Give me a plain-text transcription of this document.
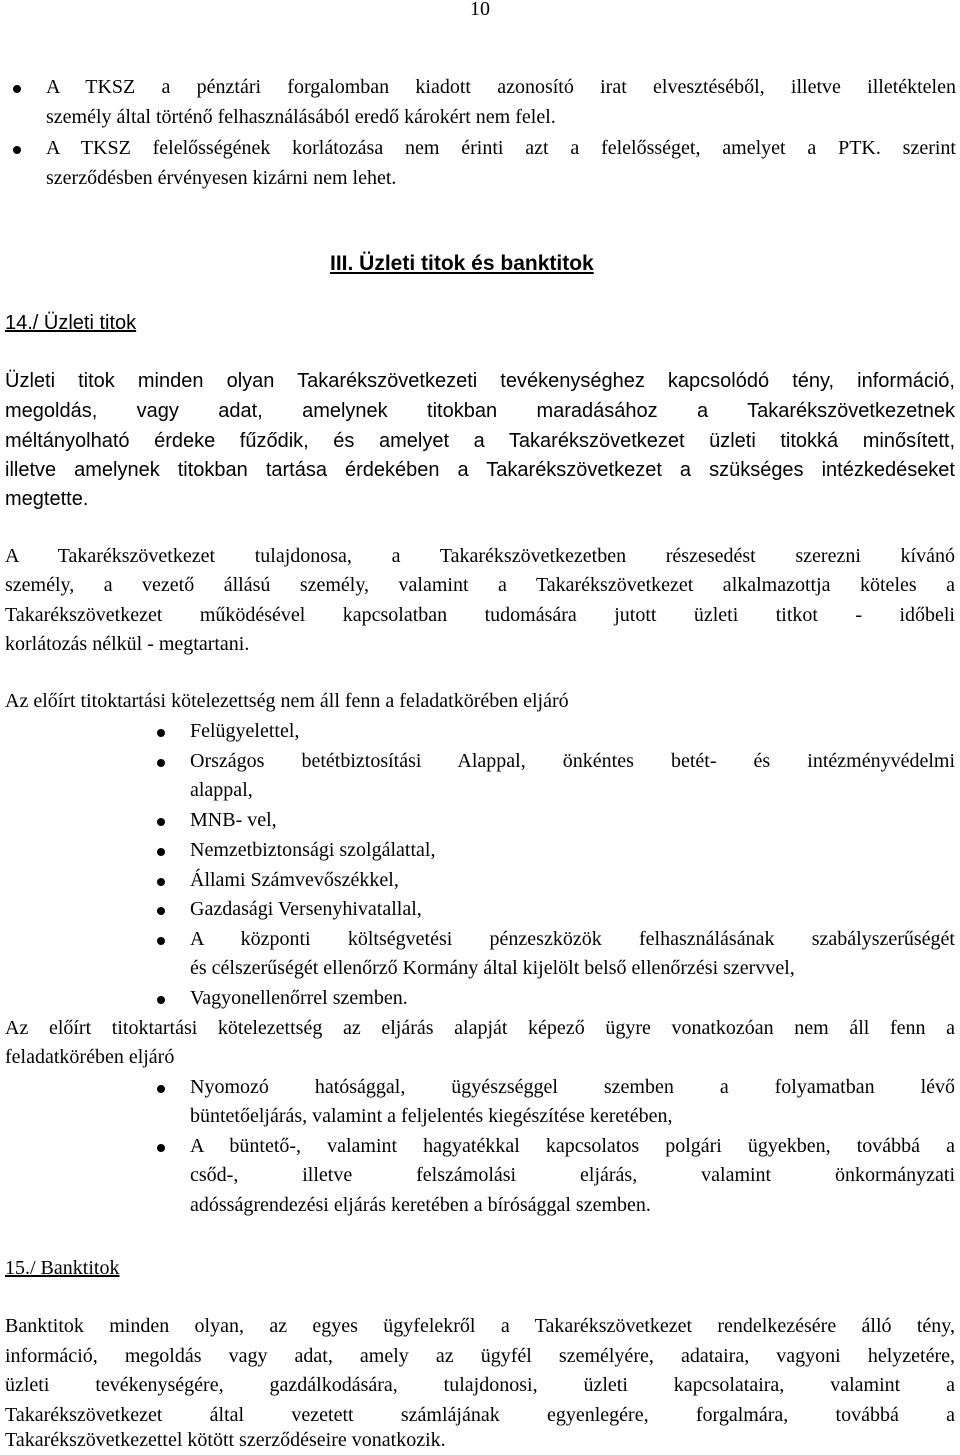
10
A TKSZ a pénztári forgalomban kiadott azonosító irat elvesztéséből, illetve illetéktelen
személy által történő felhasználásából eredő károkért nem felel.
A TKSZ felelősségének korlátozása nem érinti azt a felelősséget, amelyet a PTK. szerint
szerződésben érvényesen kizárni nem lehet.
III. Üzleti titok és banktitok
14./ Üzleti titok
Üzleti titok minden olyan Takarékszövetkezeti tevékenységhez kapcsolódó tény, információ,
megoldás, vagy adat, amelynek titokban maradásához a Takarékszövetkezetnek
méltányolható érdeke fűződik, és amelyet a Takarékszövetkezet üzleti titokká minősített,
illetve amelynek titokban tartása érdekében a Takarékszövetkezet a szükséges intézkedéseket
megtette.
A Takarékszövetkezet tulajdonosa, a Takarékszövetkezetben részesedést szerezni kívánó
személy, a vezető állású személy, valamint a Takarékszövetkezet alkalmazottja köteles a
Takarékszövetkezet működésével kapcsolatban tudomására jutott üzleti titkot - időbeli
korlátozás nélkül - megtartani.
Az előírt titoktartási kötelezettség nem áll fenn a feladatkörében eljáró
Felügyelettel,
Országos betétbiztosítási Alappal, önkéntes betét- és intézményvédelmi
alappal,
MNB- vel,
Nemzetbiztonsági szolgálattal,
Állami Számvevőszékkel,
Gazdasági Versenyhivatallal,
A központi költségvetési pénzeszközök felhasználásának szabályszerűségét
és célszerűségét ellenőrző Kormány által kijelölt belső ellenőrzési szervvel,
Vagyonellenőrrel szemben.
Az előírt titoktartási kötelezettség az eljárás alapját képező ügyre vonatkozóan nem áll fenn a
feladatkörében eljáró
Nyomozó hatósággal, ügyészséggel szemben a folyamatban lévő
büntetőeljárás, valamint a feljelentés kiegészítése keretében,
A büntető-, valamint hagyatékkal kapcsolatos polgári ügyekben, továbbá a
csőd-, illetve felszámolási eljárás, valamint önkormányzati
adósságrendezési eljárás keretében a bírósággal szemben.
15./ Banktitok
Banktitok minden olyan, az egyes ügyfelekről a Takarékszövetkezet rendelkezésére álló tény,
információ, megoldás vagy adat, amely az ügyfél személyére, adataira, vagyoni helyzetére,
üzleti tevékenységére, gazdálkodására, tulajdonosi, üzleti kapcsolataira, valamint a
Takarékszövetkezet által vezetett számlájának egyenlegére, forgalmára, továbbá a
Takarékszövetkezettel kötött szerződéseire vonatkozik.
